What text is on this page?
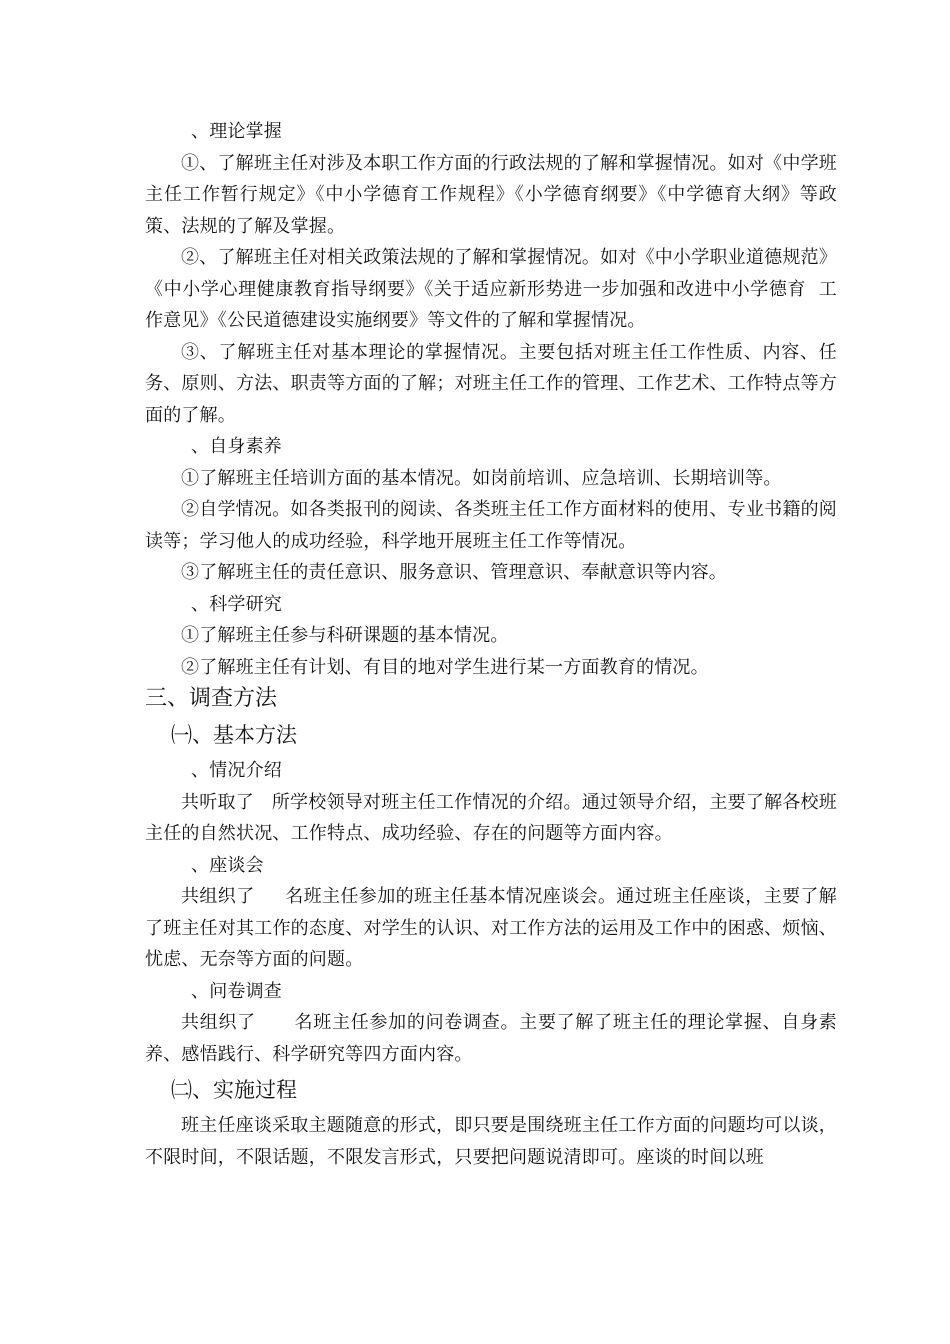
、理论掌握

①、了解班主任对涉及本职工作方面的行政法规的了解和掌握情况。如对《中学班主任工作暂行规定》《中小学德育工作规程》《小学德育纲要》《中学德育大纲》等政策、法规的了解及掌握。

②、了解班主任对相关政策法规的了解和掌握情况。如对《中小学职业道德规范》《中小学心理健康教育指导纲要》《关于适应新形势进一步加强和改进中小学德育  工作意见》《公民道德建设实施纲要》等文件的了解和掌握情况。

③、了解班主任对基本理论的掌握情况。主要包括对班主任工作性质、内容、任务、原则、方法、职责等方面的了解；对班主任工作的管理、工作艺术、工作特点等方面的了解。

、自身素养

①了解班主任培训方面的基本情况。如岗前培训、应急培训、长期培训等。

②自学情况。如各类报刊的阅读、各类班主任工作方面材料的使用、专业书籍的阅读等；学习他人的成功经验，科学地开展班主任工作等情况。

③了解班主任的责任意识、服务意识、管理意识、奉献意识等内容。

、科学研究

①了解班主任参与科研课题的基本情况。

②了解班主任有计划、有目的地对学生进行某一方面教育的情况。

三、调查方法

㈠、基本方法

、情况介绍

共听取了   所学校领导对班主任工作情况的介绍。通过领导介绍，主要了解各校班主任的自然状况、工作特点、成功经验、存在的问题等方面内容。

、座谈会

共组织了     名班主任参加的班主任基本情况座谈会。通过班主任座谈，主要了解了班主任对其工作的态度、对学生的认识、对工作方法的运用及工作中的困惑、烦恼、忧虑、无奈等方面的问题。

、问卷调查

共组织了      名班主任参加的问卷调查。主要了解了班主任的理论掌握、自身素养、感悟践行、科学研究等四方面内容。

㈡、实施过程

班主任座谈采取主题随意的形式，即只要是围绕班主任工作方面的问题均可以谈，不限时间，不限话题，不限发言形式，只要把问题说清即可。座谈的时间以班
